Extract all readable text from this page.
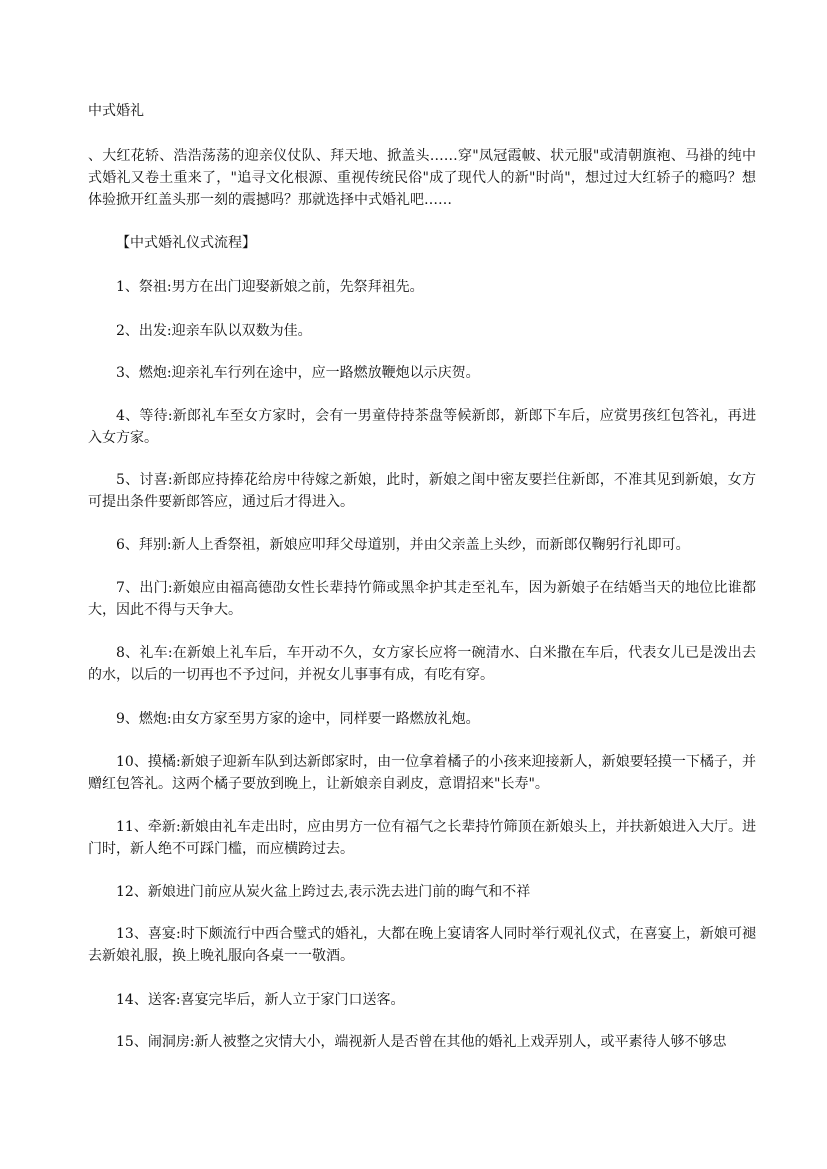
中式婚礼

、大红花轿、浩浩荡荡的迎亲仪仗队、拜天地、掀盖头……穿"凤冠霞帔、状元服"或清朝旗袍、马褂的纯中式婚礼又卷土重来了，"追寻文化根源、重视传统民俗"成了现代人的新"时尚"，想过过大红轿子的瘾吗？想体验掀开红盖头那一刻的震撼吗？那就选择中式婚礼吧……

【中式婚礼仪式流程】

1、祭祖:男方在出门迎娶新娘之前，先祭拜祖先。

2、出发:迎亲车队以双数为佳。

3、燃炮:迎亲礼车行列在途中，应一路燃放鞭炮以示庆贺。

4、等待:新郎礼车至女方家时，会有一男童侍持茶盘等候新郎，新郎下车后，应赏男孩红包答礼，再进入女方家。

5、讨喜:新郎应持捧花给房中待嫁之新娘，此时，新娘之闺中密友要拦住新郎，不准其见到新娘，女方可提出条件要新郎答应，通过后才得进入。

6、拜别:新人上香祭祖，新娘应叩拜父母道别，并由父亲盖上头纱，而新郎仅鞠躬行礼即可。

7、出门:新娘应由福高德劭女性长辈持竹筛或黑伞护其走至礼车，因为新娘子在结婚当天的地位比谁都大，因此不得与天争大。

8、礼车:在新娘上礼车后，车开动不久，女方家长应将一碗清水、白米撒在车后，代表女儿已是泼出去的水，以后的一切再也不予过问，并祝女儿事事有成，有吃有穿。

9、燃炮:由女方家至男方家的途中，同样要一路燃放礼炮。

10、摸橘:新娘子迎新车队到达新郎家时，由一位拿着橘子的小孩来迎接新人，新娘要轻摸一下橘子，并赠红包答礼。这两个橘子要放到晚上，让新娘亲自剥皮，意谓招来"长寿"。

11、牵新:新娘由礼车走出时，应由男方一位有福气之长辈持竹筛顶在新娘头上，并扶新娘进入大厅。进门时，新人绝不可踩门槛，而应横跨过去。

12、新娘进门前应从炭火盆上跨过去,表示洗去进门前的晦气和不祥

13、喜宴:时下颇流行中西合璧式的婚礼，大都在晚上宴请客人同时举行观礼仪式，在喜宴上，新娘可褪去新娘礼服，换上晚礼服向各桌一一敬酒。

14、送客:喜宴完毕后，新人立于家门口送客。

15、闹洞房:新人被整之灾情大小，端视新人是否曾在其他的婚礼上戏弄别人，或平素待人够不够忠
